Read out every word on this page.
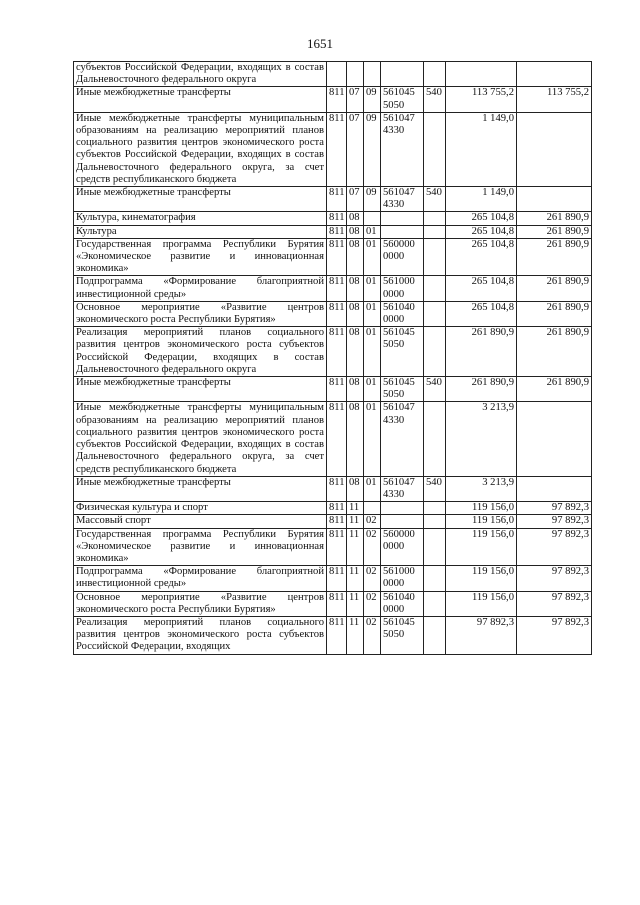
1651
субъектов Российской Федерации, входящих в состав Дальневосточного федерального округа							
Иные межбюджетные трансферты	811	07	09	561045 5050	540	113 755,2	113 755,2
Иные межбюджетные трансферты муниципальным образованиям на реализацию мероприятий планов социального развития центров экономического роста субъектов Российской Федерации, входящих в состав Дальневосточного федерального округа, за счет средств республиканского бюджета	811	07	09	561047 4330		1 149,0	
Иные межбюджетные трансферты	811	07	09	561047 4330	540	1 149,0	
Культура, кинематография	811	08				265 104,8	261 890,9
Культура	811	08	01			265 104,8	261 890,9
Государственная программа Республики Бурятия «Экономическое развитие и инновационная экономика»	811	08	01	560000 0000		265 104,8	261 890,9
Подпрограмма «Формирование благоприятной инвестиционной среды»	811	08	01	561000 0000		265 104,8	261 890,9
Основное мероприятие «Развитие центров экономического роста Республики Бурятия»	811	08	01	561040 0000		265 104,8	261 890,9
Реализация мероприятий планов социального развития центров экономического роста субъектов Российской Федерации, входящих в состав Дальневосточного федерального округа	811	08	01	561045 5050		261 890,9	261 890,9
Иные межбюджетные трансферты	811	08	01	561045 5050	540	261 890,9	261 890,9
Иные межбюджетные трансферты муниципальным образованиям на реализацию мероприятий планов социального развития центров экономического роста субъектов Российской Федерации, входящих в состав Дальневосточного федерального округа, за счет средств республиканского бюджета	811	08	01	561047 4330		3 213,9	
Иные межбюджетные трансферты	811	08	01	561047 4330	540	3 213,9	
Физическая культура и спорт	811	11				119 156,0	97 892,3
Массовый спорт	811	11	02			119 156,0	97 892,3
Государственная программа Республики Бурятия «Экономическое развитие и инновационная экономика»	811	11	02	560000 0000		119 156,0	97 892,3
Подпрограмма «Формирование благоприятной инвестиционной среды»	811	11	02	561000 0000		119 156,0	97 892,3
Основное мероприятие «Развитие центров экономического роста Республики Бурятия»	811	11	02	561040 0000		119 156,0	97 892,3
Реализация мероприятий планов социального развития центров экономического роста субъектов Российской Федерации, входящих	811	11	02	561045 5050		97 892,3	97 892,3
